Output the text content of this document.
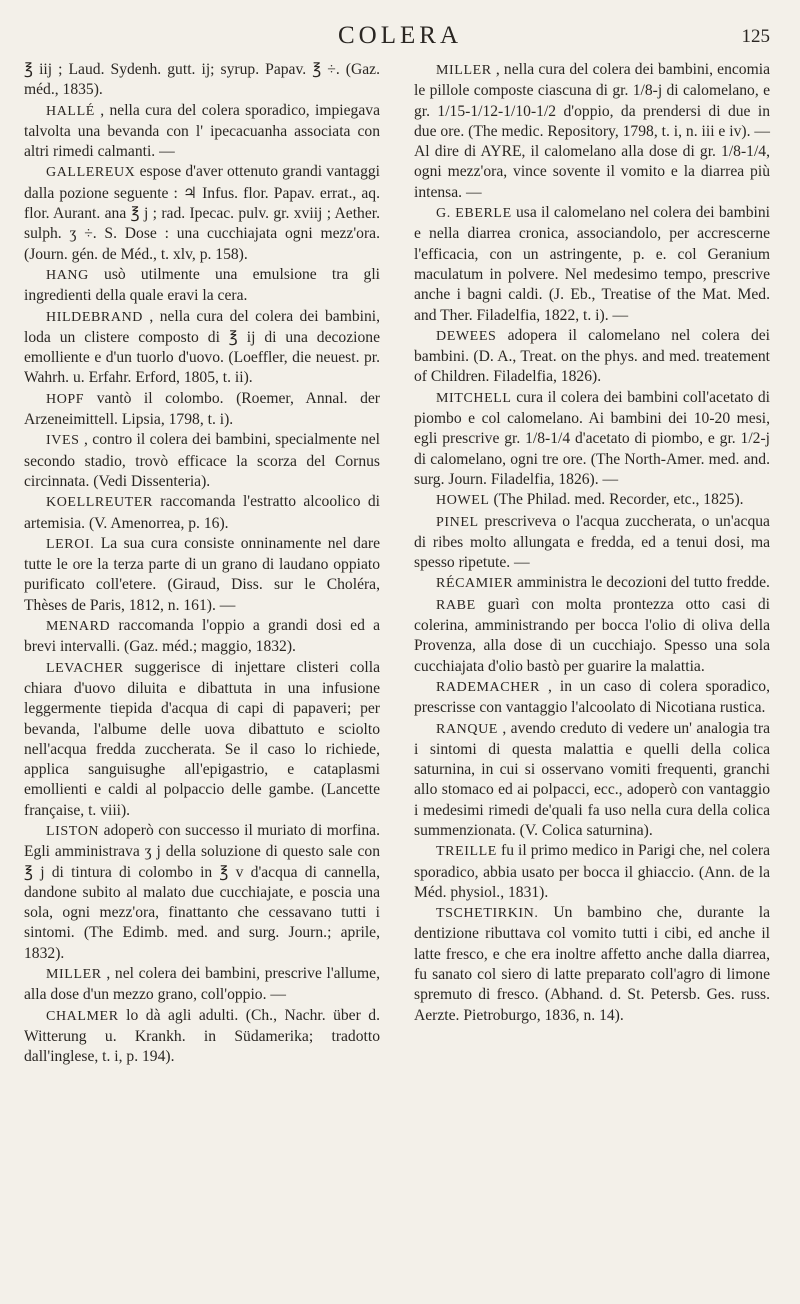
COLERA	125

℥ iij ; Laud. Sydenh. gutt. ij; syrup. Papav. ℥ ÷. (Gaz. méd., 1835).

HALLÉ , nella cura del colera sporadico, impiegava talvolta una bevanda con l' ipecacuanha associata con altri rimedi calmanti. —

GALLEREUX espose d'aver ottenuto grandi vantaggi dalla pozione seguente : ♃ Infus. flor. Papav. errat., aq. flor. Aurant. ana ℥ j ; rad. Ipecac. pulv. gr. xviij ; Aether. sulph. ʒ ÷. S. Dose : una cucchiajata ogni mezz'ora. (Journ. gén. de Méd., t. xlv, p. 158).

HANG usò utilmente una emulsione tra gli ingredienti della quale eravi la cera.

HILDEBRAND , nella cura del colera dei bambini, loda un clistere composto di ℥ ij di una decozione emolliente e d'un tuorlo d'uovo. (Loeffler, die neuest. pr. Wahrh. u. Erfahr. Erford, 1805, t. ii).

HOPF vantò il colombo. (Roemer, Annal. der Arzeneimittell. Lipsia, 1798, t. i).

IVES , contro il colera dei bambini, specialmente nel secondo stadio, trovò efficace la scorza del Cornus circinnata. (Vedi Dissenteria).

KOELLREUTER raccomanda l'estratto alcoolico di artemisia. (V. Amenorrea, p. 16).

LEROI. La sua cura consiste onninamente nel dare tutte le ore la terza parte di un grano di laudano oppiato purificato coll'etere. (Giraud, Diss. sur le Choléra, Thèses de Paris, 1812, n. 161). —

MENARD raccomanda l'oppio a grandi dosi ed a brevi intervalli. (Gaz. méd.; maggio, 1832).

LEVACHER suggerisce di injettare clisteri colla chiara d'uovo diluita e dibattuta in una infusione leggermente tiepida d'acqua di capi di papaveri; per bevanda, l'albume delle uova dibattuto e sciolto nell'acqua fredda zuccherata. Se il caso lo richiede, applica sanguisughe all'epigastrio, e cataplasmi emollienti e caldi al polpaccio delle gambe. (Lancette française, t. viii).

LISTON adoperò con successo il muriato di morfina. Egli amministrava ʒ j della soluzione di questo sale con ℥ j di tintura di colombo in ℥ v d'acqua di cannella, dandone subito al malato due cucchiajate, e poscia una sola, ogni mezz'ora, finattanto che cessavano tutti i sintomi. (The Edimb. med. and surg. Journ.; aprile, 1832).

MILLER , nel colera dei bambini, prescrive l'allume, alla dose d'un mezzo grano, coll'oppio. —

CHALMER lo dà agli adulti. (Ch., Nachr. über d. Witterung u. Krankh. in Südamerika; tradotto dall'inglese, t. i, p. 194).

MILLER , nella cura del colera dei bambini, encomia le pillole composte ciascuna di gr. 1/8-j di calomelano, e gr. 1/15-1/12-1/10-1/2 d'oppio, da prendersi di due in due ore. (The medic. Repository, 1798, t. i, n. iii e iv). — Al dire di AYRE, il calomelano alla dose di gr. 1/8-1/4, ogni mezz'ora, vince sovente il vomito e la diarrea più intensa. —

G. EBERLE usa il calomelano nel colera dei bambini e nella diarrea cronica, associandolo, per accrescerne l'efficacia, con un astringente, p. e. col Geranium maculatum in polvere. Nel medesimo tempo, prescrive anche i bagni caldi. (J. Eb., Treatise of the Mat. Med. and Ther. Filadelfia, 1822, t. i). —

DEWEES adopera il calomelano nel colera dei bambini. (D. A., Treat. on the phys. and med. treatement of Children. Filadelfia, 1826).

MITCHELL cura il colera dei bambini coll'acetato di piombo e col calomelano. Ai bambini dei 10-20 mesi, egli prescrive gr. 1/8-1/4 d'acetato di piombo, e gr. 1/2-j di calomelano, ogni tre ore. (The North-Amer. med. and. surg. Journ. Filadelfia, 1826). —

HOWEL (The Philad. med. Recorder, etc., 1825).

PINEL prescriveva o l'acqua zuccherata, o un'acqua di ribes molto allungata e fredda, ed a tenui dosi, ma spesso ripetute. —

RÉCAMIER amministra le decozioni del tutto fredde.

RABE guarì con molta prontezza otto casi di colerina, amministrando per bocca l'olio di oliva della Provenza, alla dose di un cucchiajo. Spesso una sola cucchiajata d'olio bastò per guarire la malattia.

RADEMACHER , in un caso di colera sporadico, prescrisse con vantaggio l'alcoolato di Nicotiana rustica.

RANQUE , avendo creduto di vedere un' analogia tra i sintomi di questa malattia e quelli della colica saturnina, in cui si osservano vomiti frequenti, granchi allo stomaco ed ai polpacci, ecc., adoperò con vantaggio i medesimi rimedi de'quali fa uso nella cura della colica summenzionata. (V. Colica saturnina).

TREILLE fu il primo medico in Parigi che, nel colera sporadico, abbia usato per bocca il ghiaccio. (Ann. de la Méd. physiol., 1831).

TSCHETIRKIN. Un bambino che, durante la dentizione ributtava col vomito tutti i cibi, ed anche il latte fresco, e che era inoltre affetto anche dalla diarrea, fu sanato col siero di latte preparato coll'agro di limone spremuto di fresco. (Abhand. d. St. Petersb. Ges. russ. Aerzte. Pietroburgo, 1836, n. 14).
